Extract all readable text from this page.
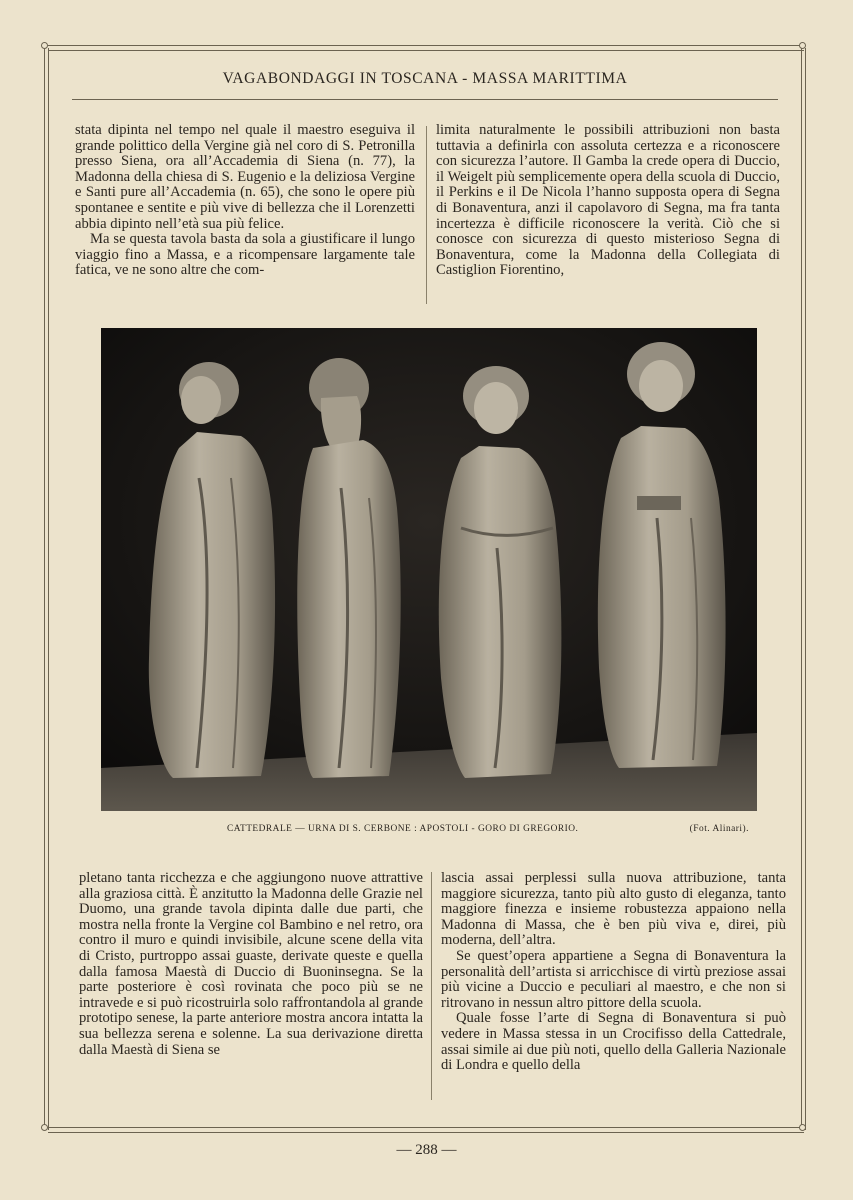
VAGABONDAGGI IN TOSCANA - MASSA MARITTIMA

stata dipinta nel tempo nel quale il maestro eseguiva il grande polittico della Vergine già nel coro di S. Petronilla presso Siena, ora all’Accademia di Siena (n. 77), la Madonna della chiesa di S. Eugenio e la deliziosa Vergine e Santi pure all’Accademia (n. 65), che sono le opere più spontanee e sentite e più vive di bellezza che il Lorenzetti abbia dipinto nell’età sua più felice.

Ma se questa tavola basta da sola a giustificare il lungo viaggio fino a Massa, e a ricompensare largamente tale fatica, ve ne sono altre che com-

limita naturalmente le possibili attribuzioni non basta tuttavia a definirla con assoluta certezza e a riconoscere con sicurezza l’autore. Il Gamba la crede opera di Duccio, il Weigelt più semplicemente opera della scuola di Duccio, il Perkins e il De Nicola l’hanno supposta opera di Segna di Bonaventura, anzi il capolavoro di Segna, ma fra tanta incertezza è difficile riconoscere la verità. Ciò che si conosce con sicurezza di questo misterioso Segna di Bonaventura, come la Madonna della Collegiata di Castiglion Fiorentino,

CATTEDRALE — URNA DI S. CERBONE : APOSTOLI - GORO DI GREGORIO.	(Fot. Alinari).

pletano tanta ricchezza e che aggiungono nuove attrattive alla graziosa città. È anzitutto la Madonna delle Grazie nel Duomo, una grande tavola dipinta dalle due parti, che mostra nella fronte la Vergine col Bambino e nel retro, ora contro il muro e quindi invisibile, alcune scene della vita di Cristo, purtroppo assai guaste, derivate queste e quella dalla famosa Maestà di Duccio di Buoninsegna. Se la parte posteriore è così rovinata che poco più se ne intravede e si può ricostruirla solo raffrontandola al grande prototipo senese, la parte anteriore mostra ancora intatta la sua bellezza serena e solenne. La sua derivazione diretta dalla Maestà di Siena se

lascia assai perplessi sulla nuova attribuzione, tanta maggiore sicurezza, tanto più alto gusto di eleganza, tanto maggiore finezza e insieme robustezza appaiono nella Madonna di Massa, che è ben più viva e, direi, più moderna, dell’altra.

Se quest’opera appartiene a Segna di Bonaventura la personalità dell’artista si arricchisce di virtù preziose assai più vicine a Duccio e peculiari al maestro, e che non si ritrovano in nessun altro pittore della scuola.

Quale fosse l’arte di Segna di Bonaventura si può vedere in Massa stessa in un Crocifisso della Cattedrale, assai simile ai due più noti, quello della Galleria Nazionale di Londra e quello della

— 288 —
